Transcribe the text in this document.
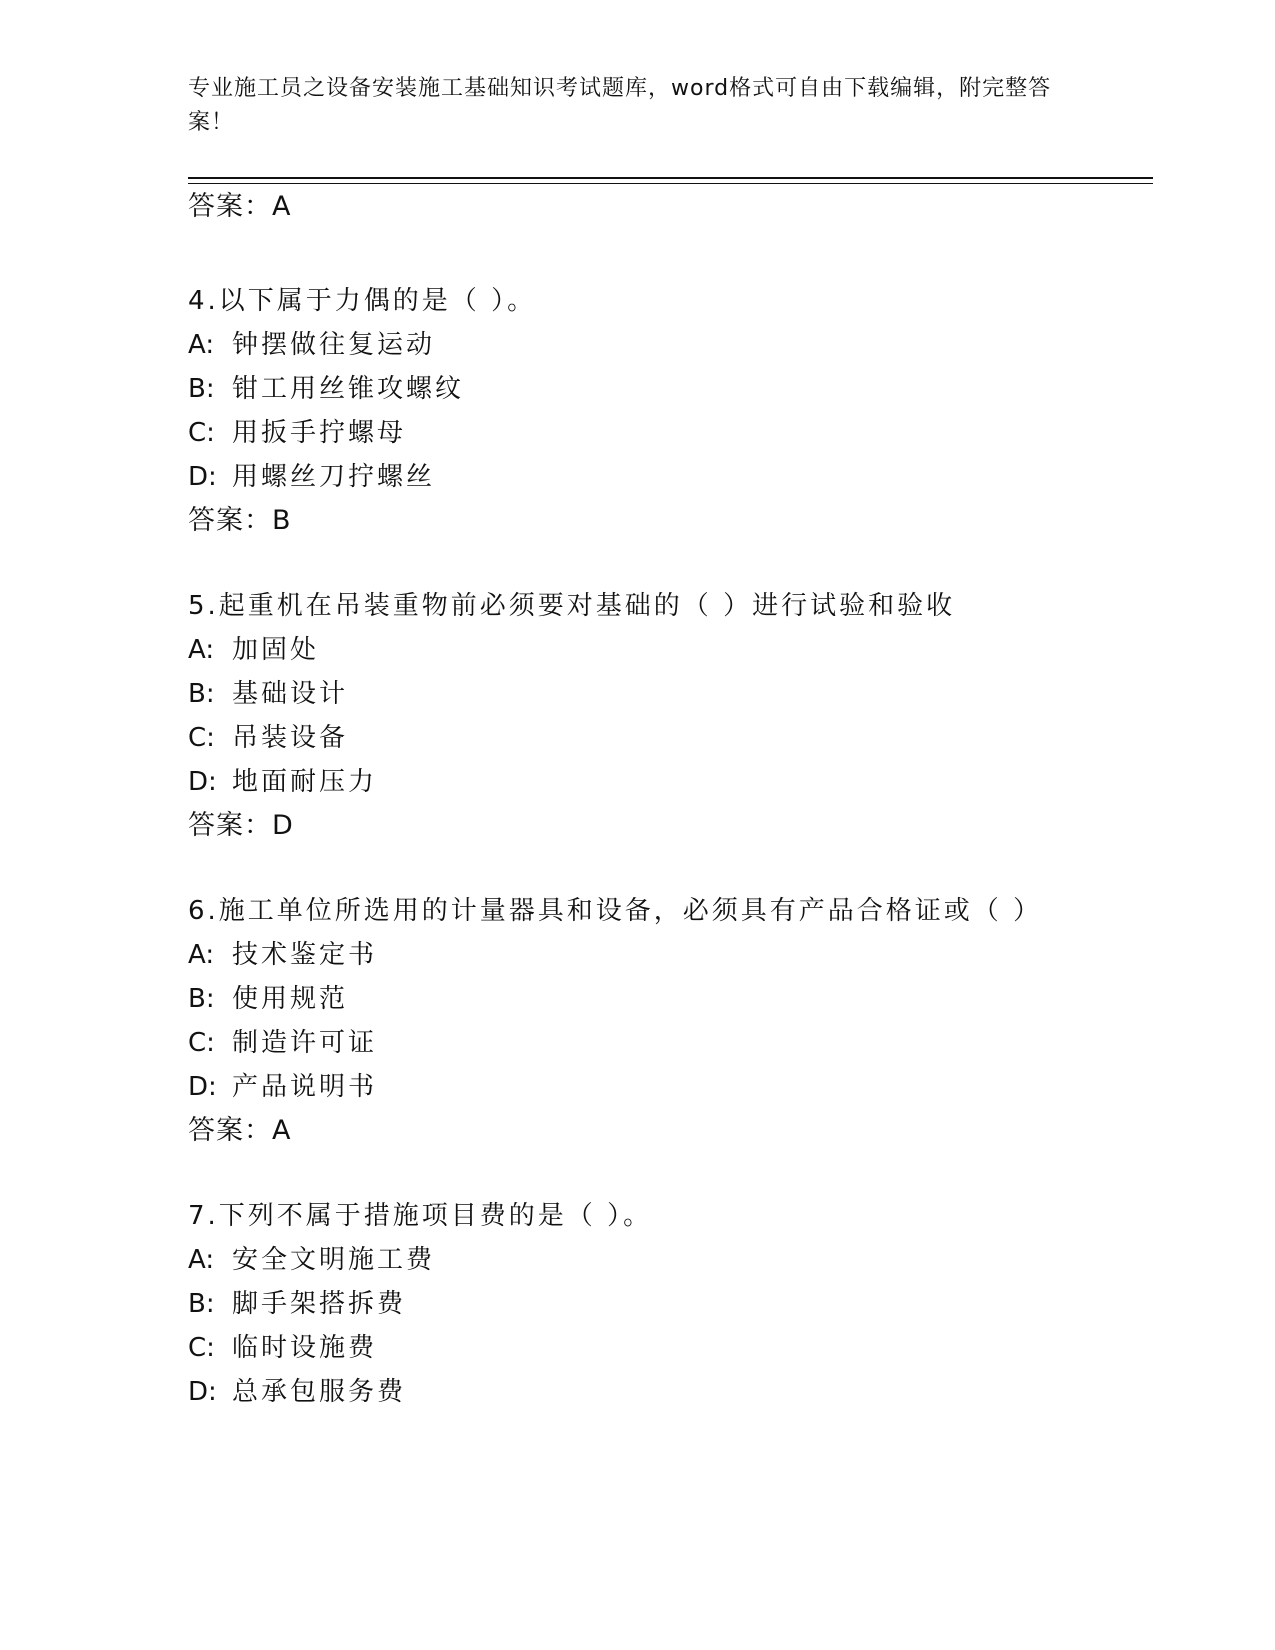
专业施工员之设备安装施工基础知识考试题库，word格式可自由下载编辑，附完整答案！
答案：A
4.以下属于力偶的是（ ）。
A: 钟摆做往复运动
B: 钳工用丝锥攻螺纹
C: 用扳手拧螺母
D: 用螺丝刀拧螺丝
答案：B
5.起重机在吊装重物前必须要对基础的（ ）进行试验和验收
A: 加固处
B: 基础设计
C: 吊装设备
D: 地面耐压力
答案：D
6.施工单位所选用的计量器具和设备，必须具有产品合格证或（ ）
A: 技术鉴定书
B: 使用规范
C: 制造许可证
D: 产品说明书
答案：A
7.下列不属于措施项目费的是（ ）。
A: 安全文明施工费
B: 脚手架搭拆费
C: 临时设施费
D: 总承包服务费
